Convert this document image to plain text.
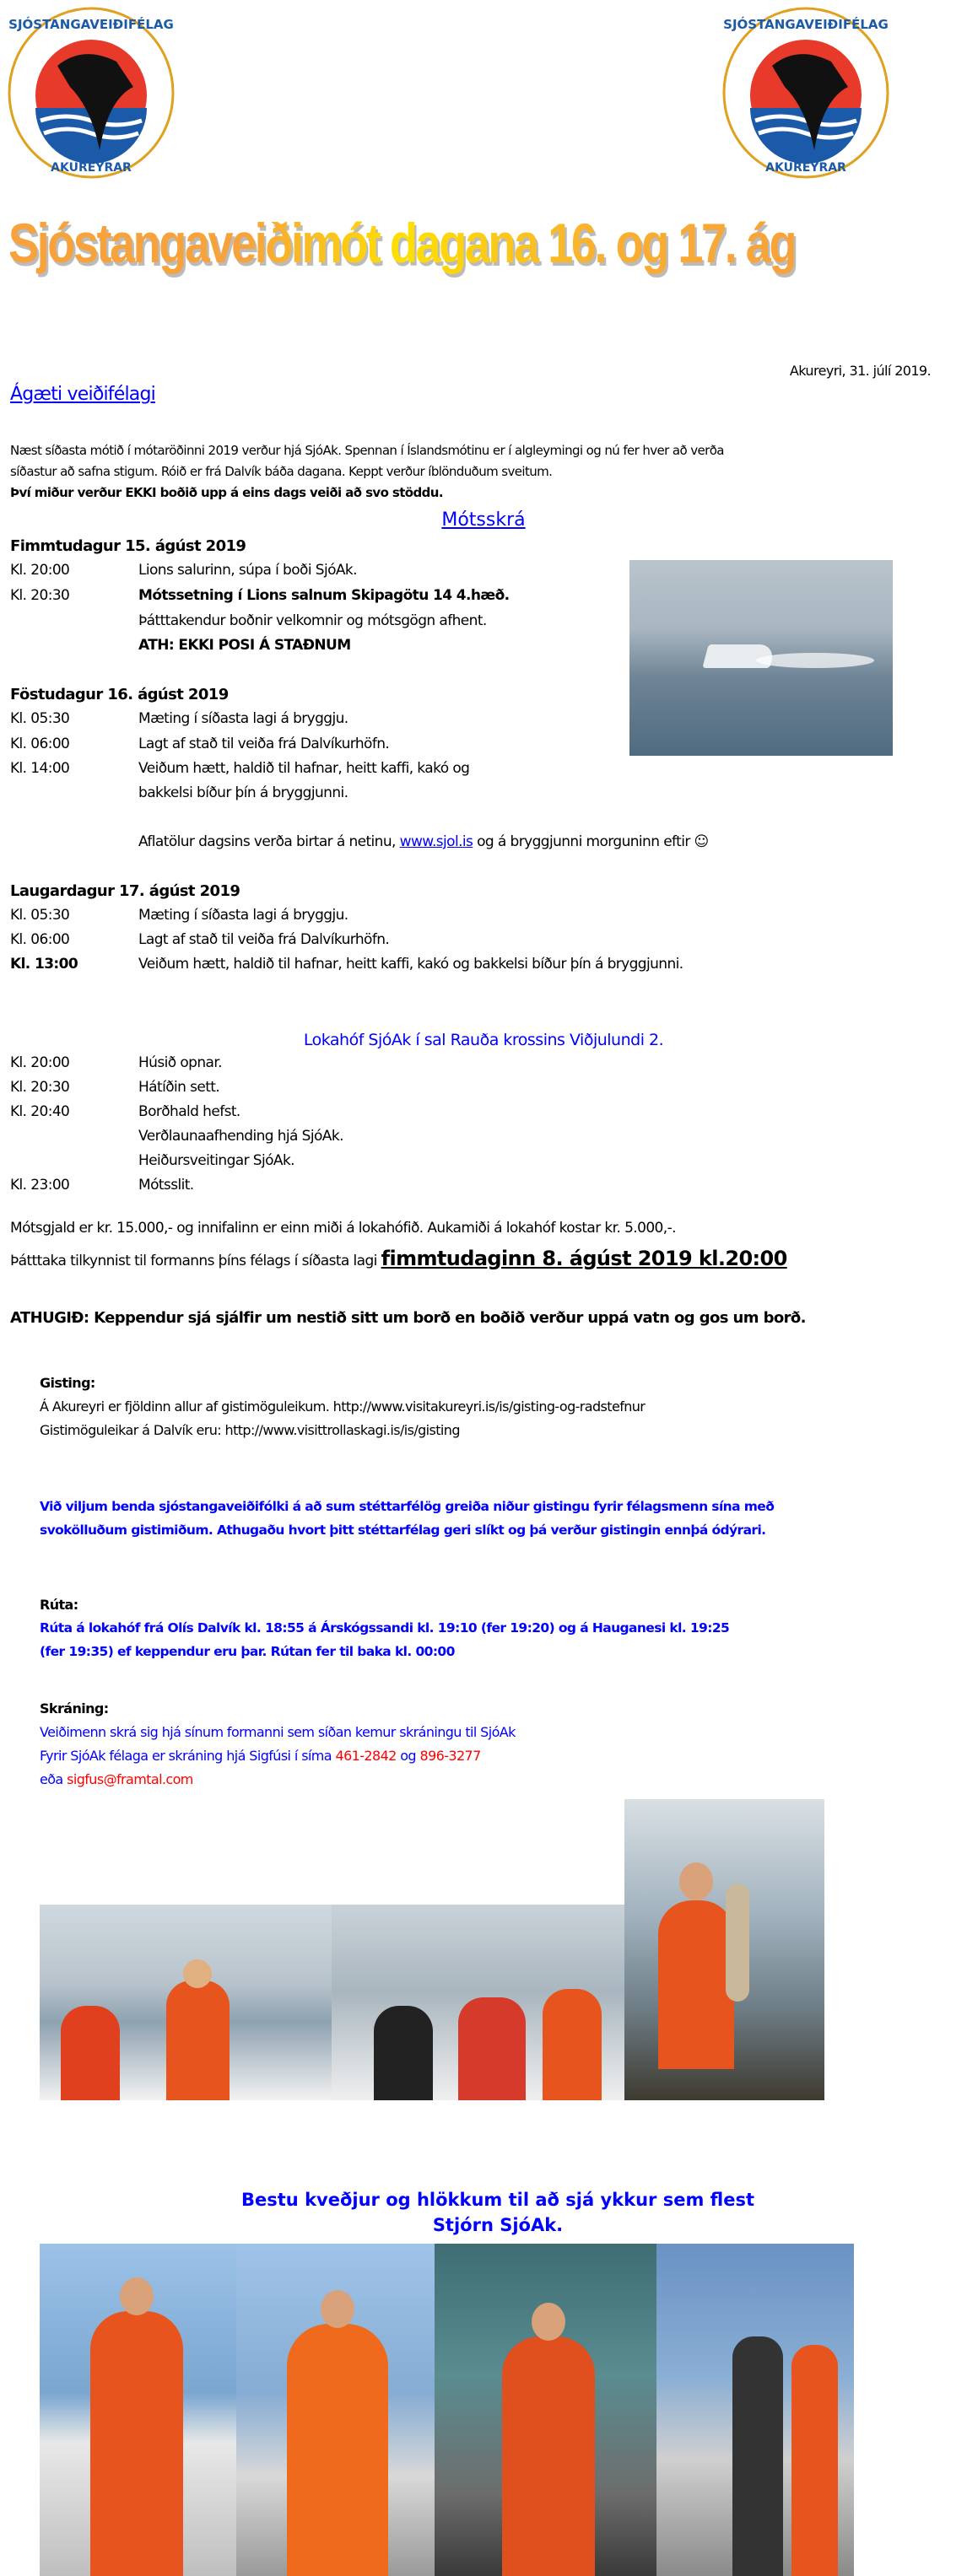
SJÓSTANGAVEIÐIFÉLAG
AKUREYRAR
SJÓSTANGAVEIÐIFÉLAG
AKUREYRAR
Sjóstangaveiðimót dagana 16. og 17. ágúst 2019
Akureyri, 31. júlí 2019.
Ágæti veiðifélagi
Næst síðasta mótið í mótaröðinni 2019 verður hjá SjóAk. Spennan í Íslandsmótinu er í algleymingi og nú fer hver að verða
síðastur að safna stigum. Róið er frá Dalvík báða dagana. Keppt verður íblönduðum sveitum.
Því miður verður EKKI boðið upp á eins dags veiði að svo stöddu.
Mótsskrá
Fimmtudagur 15. ágúst 2019
Kl. 20:00	Lions salurinn, súpa í boði SjóAk.
Kl. 20:30	Mótssetning í Lions salnum Skipagötu 14 4.hæð.
Þátttakendur boðnir velkomnir og mótsgögn afhent.
ATH: EKKI POSI Á STAÐNUM
Föstudagur 16. ágúst 2019
Kl. 05:30	Mæting í síðasta lagi á bryggju.
Kl. 06:00	Lagt af stað til veiða frá Dalvíkurhöfn.
Kl. 14:00	Veiðum hætt, haldið til hafnar, heitt kaffi, kakó og
bakkelsi bíður þín á bryggjunni.
Aflatölur dagsins verða birtar á netinu, www.sjol.is og á bryggjunni morguninn eftir ☺
Laugardagur 17. ágúst 2019
Kl. 05:30	Mæting í síðasta lagi á bryggju.
Kl. 06:00	Lagt af stað til veiða frá Dalvíkurhöfn.
Kl. 13:00	Veiðum hætt, haldið til hafnar, heitt kaffi, kakó og bakkelsi bíður þín á bryggjunni.
Lokahóf SjóAk í sal Rauða krossins Viðjulundi 2.
Kl. 20:00	Húsið opnar.
Kl. 20:30	Hátíðin sett.
Kl. 20:40	Borðhald hefst.
Verðlaunaafhending hjá SjóAk.
Heiðursveitingar SjóAk.
Kl. 23:00	Mótsslit.
Mótsgjald er kr. 15.000,- og innifalinn er einn miði á lokahófið. Aukamiði á lokahóf kostar kr. 5.000,-.
Þátttaka tilkynnist til formanns þíns félags í síðasta lagi fimmtudaginn 8. ágúst 2019 kl.20:00
ATHUGIÐ: Keppendur sjá sjálfir um nestið sitt um borð en boðið verður uppá vatn og gos um borð.
Gisting:
Á Akureyri er fjöldinn allur af gistimöguleikum. http://www.visitakureyri.is/is/gisting-og-radstefnur
Gistimöguleikar á Dalvík eru: http://www.visittrollaskagi.is/is/gisting
Við viljum benda sjóstangaveiðifólki á að sum stéttarfélög greiða niður gistingu fyrir félagsmenn sína með
svokölluðum gistimiðum. Athugaðu hvort þitt stéttarfélag geri slíkt og þá verður gistingin ennþá ódýrari.
Rúta:
Rúta á lokahóf frá Olís Dalvík kl. 18:55 á Árskógssandi kl. 19:10 (fer 19:20) og á Hauganesi kl. 19:25
(fer 19:35) ef keppendur eru þar. Rútan fer til baka kl. 00:00
Skráning:
Veiðimenn skrá sig hjá sínum formanni sem síðan kemur skráningu til SjóAk
Fyrir SjóAk félaga er skráning hjá Sigfúsi í síma 461-2842 og 896-3277
eða sigfus@framtal.com
Bestu kveðjur og hlökkum til að sjá ykkur sem flest
Stjórn SjóAk.
